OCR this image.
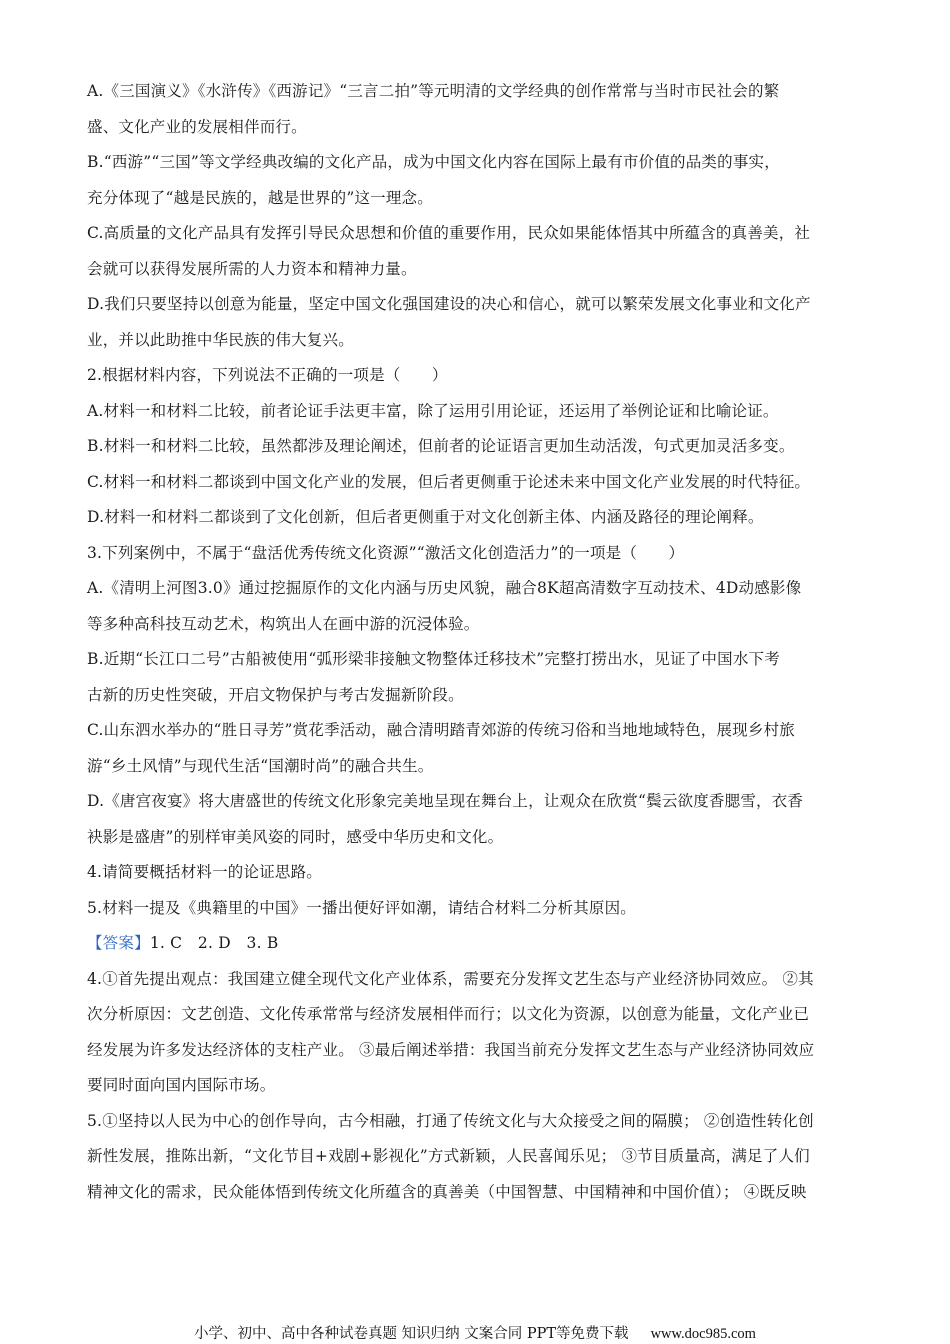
A.《三国演义》《水浒传》《西游记》“三言二拍”等元明清的文学经典的创作常常与当时市民社会的繁
盛、文化产业的发展相伴而行。
B.“西游”“三国”等文学经典改编的文化产品，成为中国文化内容在国际上最有市价值的品类的事实，
充分体现了“越是民族的，越是世界的”这一理念。
C.高质量的文化产品具有发挥引导民众思想和价值的重要作用，民众如果能体悟其中所蕴含的真善美，社
会就可以获得发展所需的人力资本和精神力量。
D.我们只要坚持以创意为能量，坚定中国文化强国建设的决心和信心，就可以繁荣发展文化事业和文化产
业，并以此助推中华民族的伟大复兴。
2.根据材料内容，下列说法不正确的一项是（　　）
A.材料一和材料二比较，前者论证手法更丰富，除了运用引用论证，还运用了举例论证和比喻论证。
B.材料一和材料二比较，虽然都涉及理论阐述，但前者的论证语言更加生动活泼，句式更加灵活多变。
C.材料一和材料二都谈到中国文化产业的发展，但后者更侧重于论述未来中国文化产业发展的时代特征。
D.材料一和材料二都谈到了文化创新，但后者更侧重于对文化创新主体、内涵及路径的理论阐释。
3.下列案例中，不属于“盘活优秀传统文化资源”“激活文化创造活力”的一项是（　　）
A.《清明上河图3.0》通过挖掘原作的文化内涵与历史风貌，融合8K超高清数字互动技术、4D动感影像
等多种高科技互动艺术，构筑出人在画中游的沉浸体验。
B.近期“长江口二号”古船被使用“弧形梁非接触文物整体迁移技术”完整打捞出水，见证了中国水下考
古新的历史性突破，开启文物保护与考古发掘新阶段。
C.山东泗水举办的“胜日寻芳”赏花季活动，融合清明踏青郊游的传统习俗和当地地域特色，展现乡村旅
游“乡土风情”与现代生活“国潮时尚”的融合共生。
D.《唐宫夜宴》将大唐盛世的传统文化形象完美地呈现在舞台上，让观众在欣赏“鬓云欲度香腮雪，衣香
袂影是盛唐”的别样审美风姿的同时，感受中华历史和文化。
4.请简要概括材料一的论证思路。
5.材料一提及《典籍里的中国》一播出便好评如潮，请结合材料二分析其原因。
【答案】1. C　2. D　3. B
4.①首先提出观点：我国建立健全现代文化产业体系，需要充分发挥文艺生态与产业经济协同效应。 ②其
次分析原因：文艺创造、文化传承常常与经济发展相伴而行；以文化为资源，以创意为能量，文化产业已
经发展为许多发达经济体的支柱产业。 ③最后阐述举措：我国当前充分发挥文艺生态与产业经济协同效应
要同时面向国内国际市场。
5.①坚持以人民为中心的创作导向，古今相融，打通了传统文化与大众接受之间的隔膜； ②创造性转化创
新性发展，推陈出新，“文化节目+戏剧+影视化”方式新颖，人民喜闻乐见； ③节目质量高，满足了人们
精神文化的需求，民众能体悟到传统文化所蕴含的真善美（中国智慧、中国精神和中国价值）； ④既反映
小学、初中、高中各种试卷真题 知识归纳 文案合同 PPT等免费下载 www.doc985.com
